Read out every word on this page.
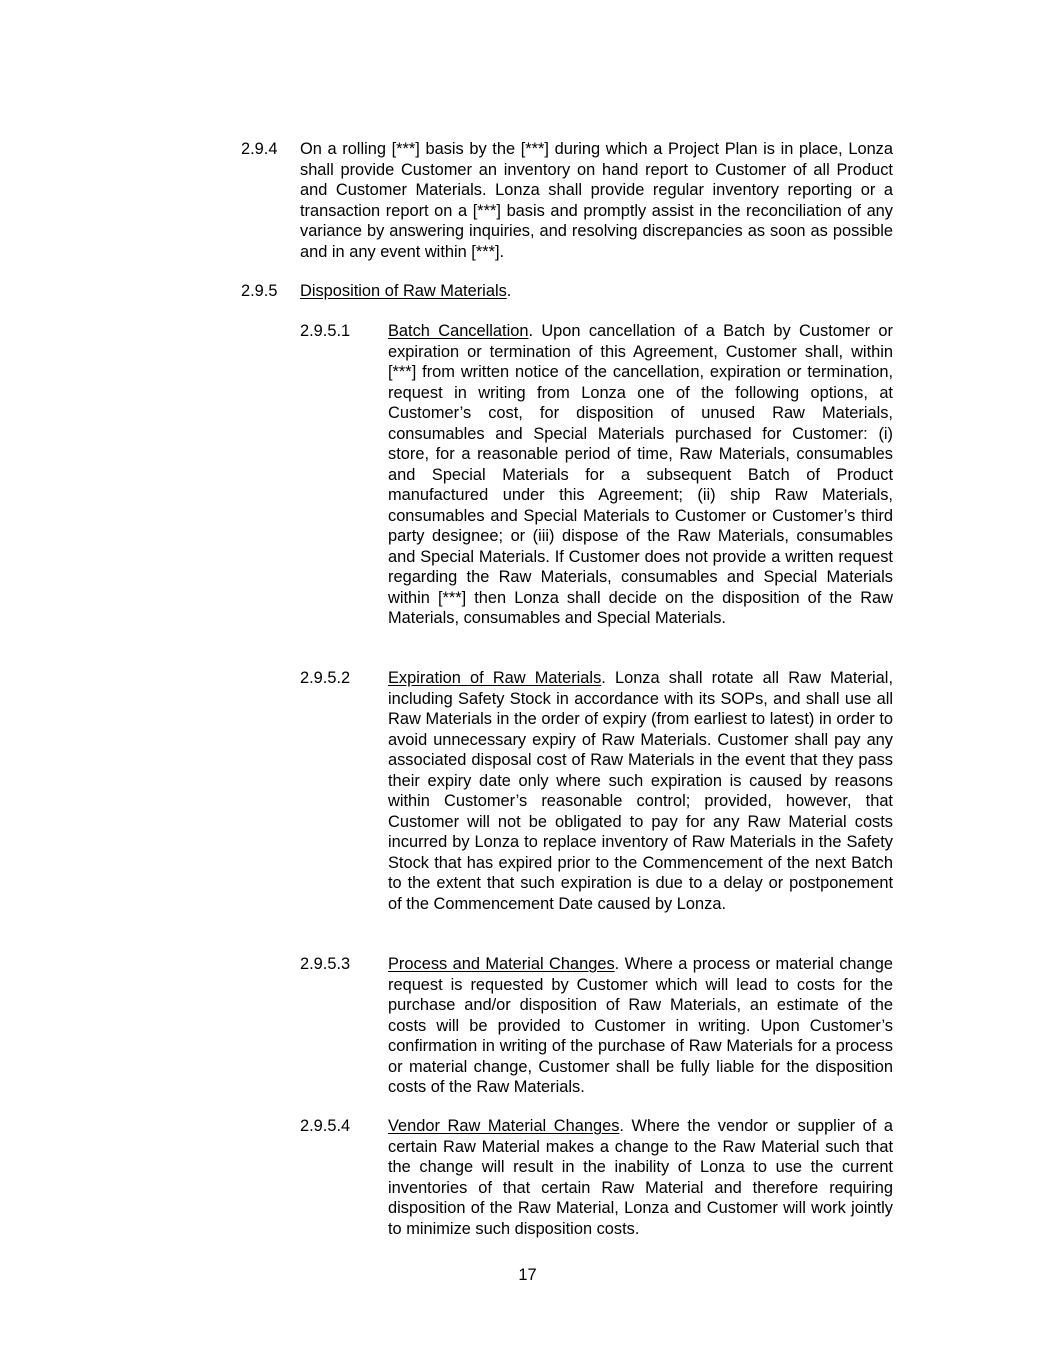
2.9.4 On a rolling [***] basis by the [***] during which a Project Plan is in place, Lonza shall provide Customer an inventory on hand report to Customer of all Product and Customer Materials. Lonza shall provide regular inventory reporting or a transaction report on a [***] basis and promptly assist in the reconciliation of any variance by answering inquiries, and resolving discrepancies as soon as possible and in any event within [***].
2.9.5 Disposition of Raw Materials.
2.9.5.1 Batch Cancellation. Upon cancellation of a Batch by Customer or expiration or termination of this Agreement, Customer shall, within [***] from written notice of the cancellation, expiration or termination, request in writing from Lonza one of the following options, at Customer’s cost, for disposition of unused Raw Materials, consumables and Special Materials purchased for Customer: (i) store, for a reasonable period of time, Raw Materials, consumables and Special Materials for a subsequent Batch of Product manufactured under this Agreement; (ii) ship Raw Materials, consumables and Special Materials to Customer or Customer’s third party designee; or (iii) dispose of the Raw Materials, consumables and Special Materials. If Customer does not provide a written request regarding the Raw Materials, consumables and Special Materials within [***] then Lonza shall decide on the disposition of the Raw Materials, consumables and Special Materials.
2.9.5.2 Expiration of Raw Materials. Lonza shall rotate all Raw Material, including Safety Stock in accordance with its SOPs, and shall use all Raw Materials in the order of expiry (from earliest to latest) in order to avoid unnecessary expiry of Raw Materials. Customer shall pay any associated disposal cost of Raw Materials in the event that they pass their expiry date only where such expiration is caused by reasons within Customer’s reasonable control; provided, however, that Customer will not be obligated to pay for any Raw Material costs incurred by Lonza to replace inventory of Raw Materials in the Safety Stock that has expired prior to the Commencement of the next Batch to the extent that such expiration is due to a delay or postponement of the Commencement Date caused by Lonza.
2.9.5.3 Process and Material Changes. Where a process or material change request is requested by Customer which will lead to costs for the purchase and/or disposition of Raw Materials, an estimate of the costs will be provided to Customer in writing. Upon Customer’s confirmation in writing of the purchase of Raw Materials for a process or material change, Customer shall be fully liable for the disposition costs of the Raw Materials.
2.9.5.4 Vendor Raw Material Changes. Where the vendor or supplier of a certain Raw Material makes a change to the Raw Material such that the change will result in the inability of Lonza to use the current inventories of that certain Raw Material and therefore requiring disposition of the Raw Material, Lonza and Customer will work jointly to minimize such disposition costs.
17
